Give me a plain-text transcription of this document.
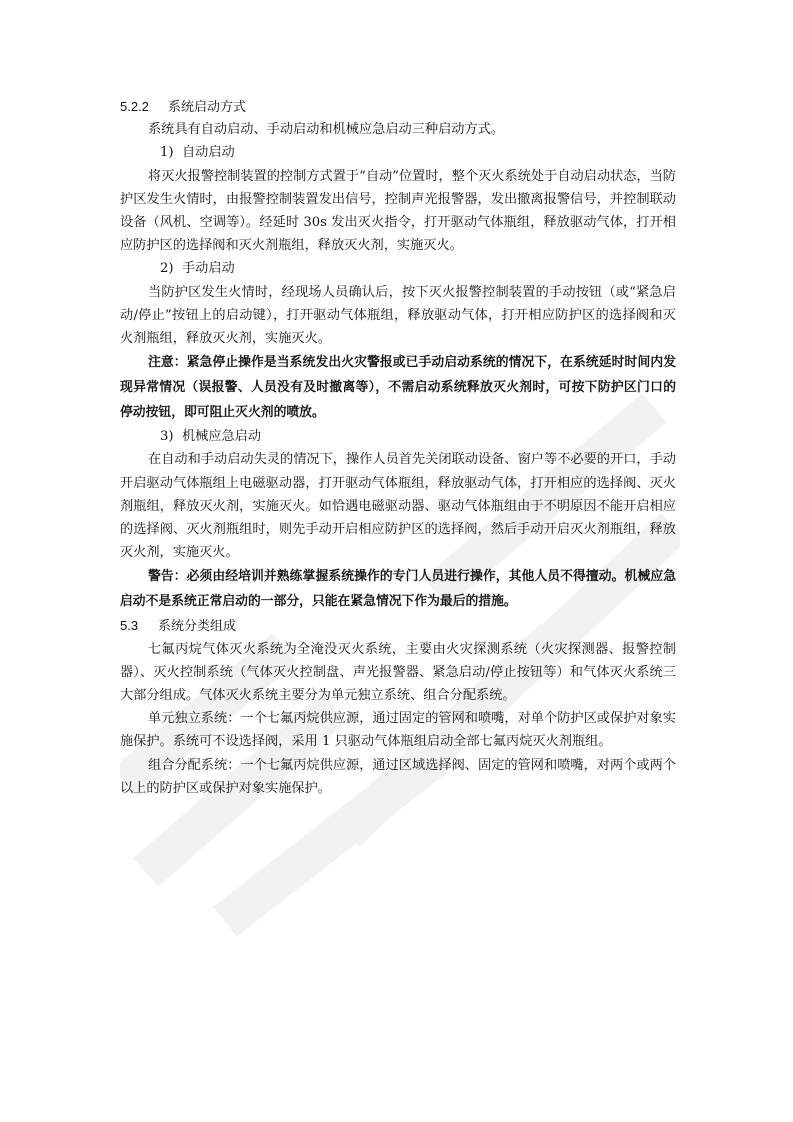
5.2.2 系统启动方式
系统具有自动启动、手动启动和机械应急启动三种启动方式。
1) 自动启动
将灭火报警控制装置的控制方式置于“自动”位置时，整个灭火系统处于自动启动状态，当防护区发生火情时，由报警控制装置发出信号，控制声光报警器，发出撤离报警信号，并控制联动设备（风机、空调等）。经延时 30s 发出灭火指令，打开驱动气体瓶组，释放驱动气体，打开相应防护区的选择阀和灭火剂瓶组，释放灭火剂，实施灭火。
2) 手动启动
当防护区发生火情时，经现场人员确认后，按下灭火报警控制装置的手动按钮（或“紧急启动/停止”按钮上的启动键），打开驱动气体瓶组，释放驱动气体，打开相应防护区的选择阀和灭火剂瓶组，释放灭火剂，实施灭火。
注意：紧急停止操作是当系统发出火灾警报或已手动启动系统的情况下，在系统延时时间内发现异常情况（误报警、人员没有及时撤离等），不需启动系统释放灭火剂时，可按下防护区门口的停动按钮，即可阻止灭火剂的喷放。
3) 机械应急启动
在自动和手动启动失灵的情况下，操作人员首先关闭联动设备、窗户等不必要的开口，手动开启驱动气体瓶组上电磁驱动器，打开驱动气体瓶组，释放驱动气体，打开相应的选择阀、灭火剂瓶组，释放灭火剂，实施灭火。如恰遇电磁驱动器、驱动气体瓶组由于不明原因不能开启相应的选择阀、灭火剂瓶组时，则先手动开启相应防护区的选择阀，然后手动开启灭火剂瓶组，释放灭火剂，实施灭火。
警告：必须由经培训并熟练掌握系统操作的专门人员进行操作，其他人员不得擅动。机械应急启动不是系统正常启动的一部分，只能在紧急情况下作为最后的措施。
5.3 系统分类组成
七氟丙烷气体灭火系统为全淹没灭火系统，主要由火灾探测系统（火灾探测器、报警控制器）、灭火控制系统（气体灭火控制盘、声光报警器、紧急启动/停止按钮等）和气体灭火系统三大部分组成。气体灭火系统主要分为单元独立系统、组合分配系统。
单元独立系统：一个七氟丙烷供应源，通过固定的管网和喷嘴，对单个防护区或保护对象实施保护。系统可不设选择阀，采用 1 只驱动气体瓶组启动全部七氟丙烷灭火剂瓶组。
组合分配系统：一个七氟丙烷供应源，通过区域选择阀、固定的管网和喷嘴，对两个或两个以上的防护区或保护对象实施保护。
